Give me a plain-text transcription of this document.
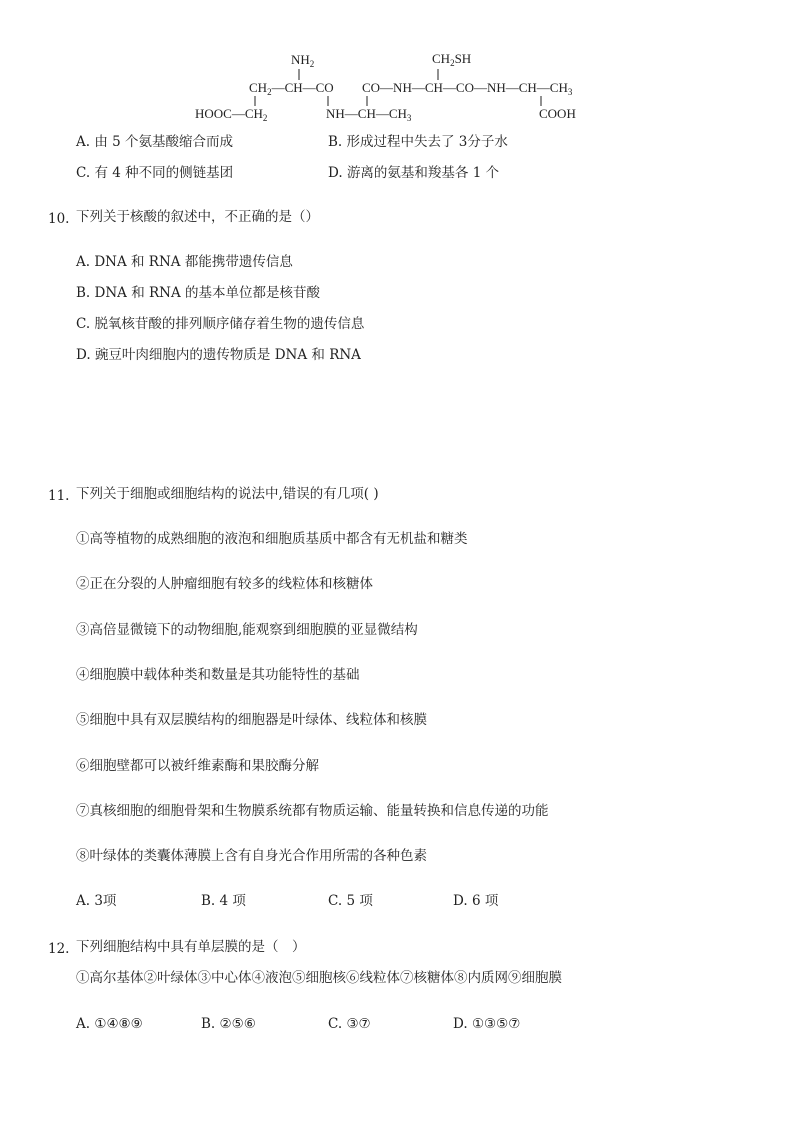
$NH_2$	$CH_2SH$
$CH_2—CH—CO$ $CO—NH—CH—CO—NH—CH—CH_3$
$HOOC—CH_2$	$NH—CH—CH_3$	COOH
A. 由 5 个氨基酸缩合而成	B. 形成过程中失去了 3分子水
C. 有 4 种不同的侧链基团	D. 游离的氨基和羧基各 1 个
10. 下列关于核酸的叙述中，不正确的是（）
A. DNA 和 RNA 都能携带遗传信息
B. DNA 和 RNA 的基本单位都是核苷酸
C. 脱氧核苷酸的排列顺序储存着生物的遗传信息
D. 豌豆叶肉细胞内的遗传物质是 DNA 和 RNA
11. 下列关于细胞或细胞结构的说法中,错误的有几项( )
①高等植物的成熟细胞的液泡和细胞质基质中都含有无机盐和糖类
②正在分裂的人肿瘤细胞有较多的线粒体和核糖体
③高倍显微镜下的动物细胞,能观察到细胞膜的亚显微结构
④细胞膜中载体种类和数量是其功能特性的基础
⑤细胞中具有双层膜结构的细胞器是叶绿体、线粒体和核膜
⑥细胞壁都可以被纤维素酶和果胶酶分解
⑦真核细胞的细胞骨架和生物膜系统都有物质运输、能量转换和信息传递的功能
⑧叶绿体的类囊体薄膜上含有自身光合作用所需的各种色素
A. 3项	B. 4 项	C. 5 项	D. 6 项
12. 下列细胞结构中具有单层膜的是（　）
①高尔基体②叶绿体③中心体④液泡⑤细胞核⑥线粒体⑦核糖体⑧内质网⑨细胞膜
A. ①④⑧⑨	B. ②⑤⑥	C. ③⑦	D. ①③⑤⑦
